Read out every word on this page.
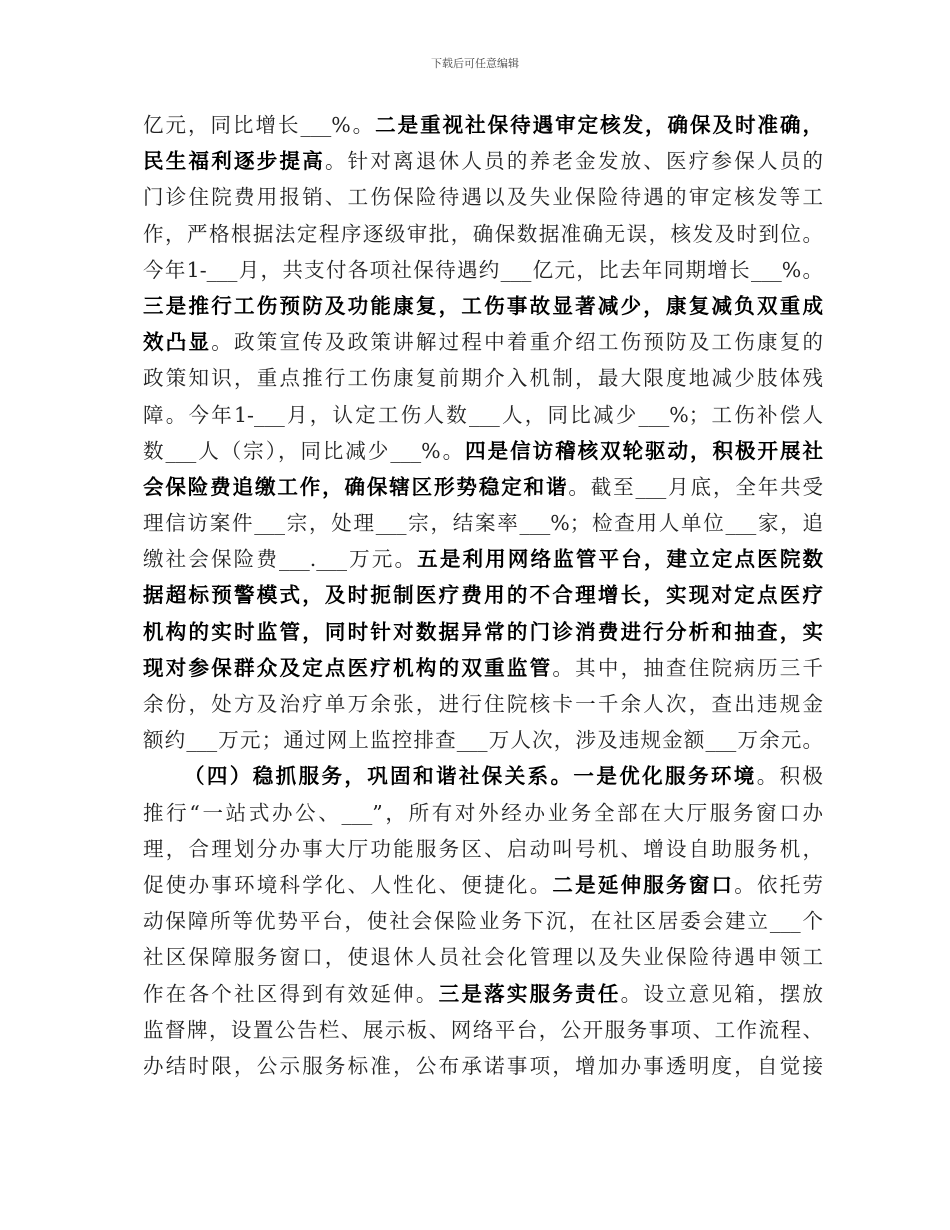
下载后可任意编辑
亿元，同比增长___%。二是重视社保待遇审定核发，确保及时准确，
民生福利逐步提高。针对离退休人员的养老金发放、医疗参保人员的
门诊住院费用报销、工伤保险待遇以及失业保险待遇的审定核发等工
作，严格根据法定程序逐级审批，确保数据准确无误，核发及时到位。
今年1-___月，共支付各项社保待遇约___亿元，比去年同期增长___%。
三是推行工伤预防及功能康复，工伤事故显著减少，康复减负双重成
效凸显。政策宣传及政策讲解过程中着重介绍工伤预防及工伤康复的
政策知识，重点推行工伤康复前期介入机制，最大限度地减少肢体残
障。今年1-___月，认定工伤人数___人，同比减少___%；工伤补偿人
数___人（宗），同比减少___%。四是信访稽核双轮驱动，积极开展社
会保险费追缴工作，确保辖区形势稳定和谐。截至___月底，全年共受
理信访案件___宗，处理___宗，结案率___%；检查用人单位___家，追
缴社会保险费___.___万元。五是利用网络监管平台，建立定点医院数
据超标预警模式，及时扼制医疗费用的不合理增长，实现对定点医疗
机构的实时监管，同时针对数据异常的门诊消费进行分析和抽查，实
现对参保群众及定点医疗机构的双重监管。其中，抽查住院病历三千
余份，处方及治疗单万余张，进行住院核卡一千余人次，查出违规金
额约___万元；通过网上监控排查___万人次，涉及违规金额___万余元。
（四）稳抓服务，巩固和谐社保关系。一是优化服务环境。积极
推行“一站式办公、___”，所有对外经办业务全部在大厅服务窗口办
理，合理划分办事大厅功能服务区、启动叫号机、增设自助服务机，
促使办事环境科学化、人性化、便捷化。二是延伸服务窗口。依托劳
动保障所等优势平台，使社会保险业务下沉，在社区居委会建立___个
社区保障服务窗口，使退休人员社会化管理以及失业保险待遇申领工
作在各个社区得到有效延伸。三是落实服务责任。设立意见箱，摆放
监督牌，设置公告栏、展示板、网络平台，公开服务事项、工作流程、
办结时限，公示服务标准，公布承诺事项，增加办事透明度，自觉接
